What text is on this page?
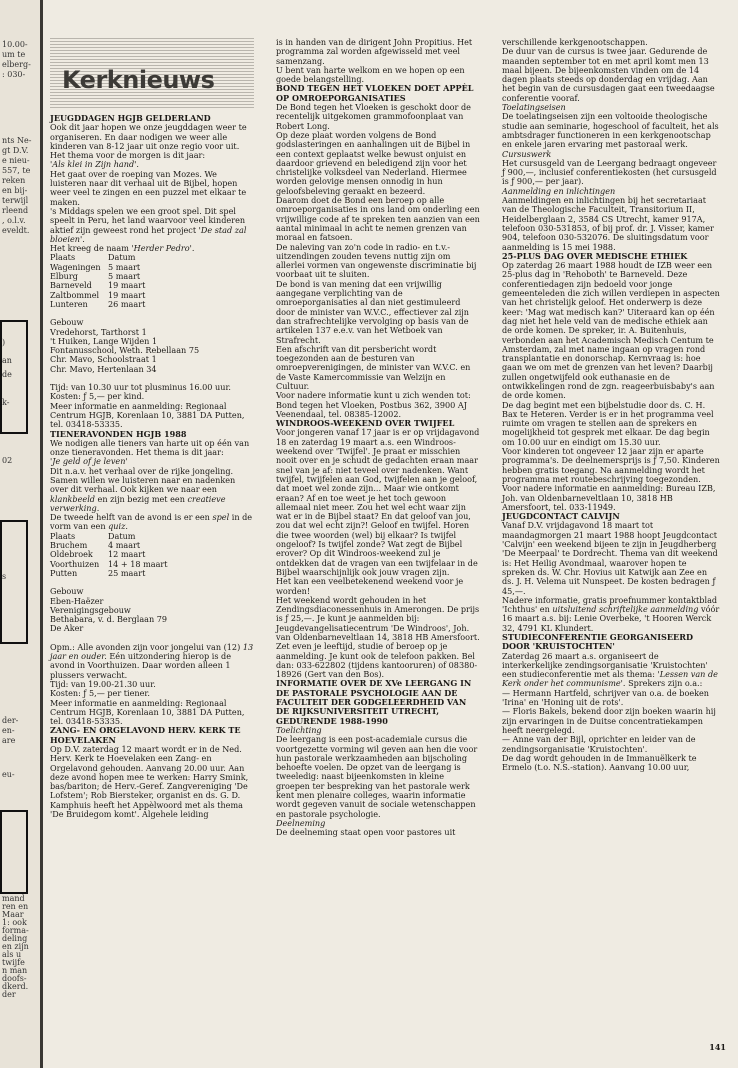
10.00-
um te
elberg-
: 030-
nts Ne-
gt D.V.
e nieu-
557, te
reken
en bij-
terwijl
rleend
, o.l.v.
eveldt.
)
an
de
k-
02
s
der-
en-
are
eu-
mand
ren en
Maar
1: ook
forma-
deling
en zijn
als u
twijfe
n man
doofs-
dkerd.
der
Kerknieuws

JEUGDDAGEN HGJB GELDERLAND

Ook dit jaar hopen we onze jeugddagen weer te organiseren. En daar nodigen we weer alle kinderen van 8-12 jaar uit onze regio voor uit. Het thema voor de morgen is dit jaar:
'Als klei in Zijn hand'.

Het gaat over de roeping van Mozes. We luisteren naar dit verhaal uit de Bijbel, hopen weer veel te zingen en een puzzel met elkaar te maken.

's Middags spelen we een groot spel. Dit spel speelt in Peru, het land waarvoor veel kinderen aktief zijn geweest rond het project 'De stad zal bloeien'.

Het kreeg de naam 'Herder Pedro'.

Plaats	Datum
Wageningen	5 maart
Elburg	5 maart
Barneveld	19 maart
Zaltbommel	19 maart
Lunteren	26 maart

Gebouw

Vredehorst, Tarthorst 1

't Huiken, Lange Wijden 1

Fontanusschool, Weth. Rebellaan 75

Chr. Mavo, Schoolstraat 1

Chr. Mavo, Hertenlaan 34

Tijd: van 10.30 uur tot plusminus 16.00 uur.

Kosten: ƒ 5,— per kind.

Meer informatie en aanmelding: Regionaal Centrum HGJB, Korenlaan 10, 3881 DA Putten, tel. 03418-53335.

TIENERAVONDEN HGJB 1988

We nodigen alle tieners van harte uit op één van onze tieneravonden. Het thema is dit jaar:
'Je geld of je leven'

Dit n.a.v. het verhaal over de rijke jongeling. Samen willen we luisteren naar en nadenken over dit verhaal. Ook kijken we naar een klankbeeld en zijn bezig met een creatieve verwerking.

De tweede helft van de avond is er een spel in de vorm van een quiz.

Plaats	Datum
Bruchem	4 maart
Oldebroek	12 maart
Voorthuizen	14 + 18 maart
Putten	25 maart

Gebouw

Eben-Haëzer

Verenigingsgebouw

Bethabara, v. d. Berglaan 79

De Aker

Opm.: Alle avonden zijn voor jongelui van (12) 13 jaar en ouder. Eén uitzondering hierop is de avond in Voorthuizen. Daar worden alleen 1 plussers verwacht.

Tijd: van 19.00-21.30 uur.

Kosten: ƒ 5,— per tiener.

Meer informatie en aanmelding: Regionaal Centrum HGJB, Korenlaan 10, 3881 DA Putten, tel. 03418-53335.

ZANG- EN ORGELAVOND HERV. KERK TE HOEVELAKEN

Op D.V. zaterdag 12 maart wordt er in de Ned. Herv. Kerk te Hoevelaken een Zang- en Orgelavond gehouden. Aanvang 20.00 uur. Aan deze avond hopen mee te werken: Harry Smink, bas/bariton; de Herv.-Geref. Zangvereniging 'De Lofstem'; Rob Biersteker, organist en ds. G. D. Kamphuis heeft het Appèlwoord met als thema 'De Bruidegom komt'. Algehele leiding

is in handen van de dirigent John Propitius. Het programma zal worden afgewisseld met veel samenzang.

U bent van harte welkom en we hopen op een goede belangstelling.

BOND TEGEN HET VLOEKEN DOET APPÈL OP OMROEPORGANISATIES

De Bond tegen het Vloeken is geschokt door de recentelijk uitgekomen grammofoonplaat van Robert Long.

Op deze plaat worden volgens de Bond godslasteringen en aanhalingen uit de Bijbel in een context geplaatst welke bewust onjuist en daardoor grievend en beledigend zijn voor het christelijke volksdeel van Nederland. Hiermee worden gelovige mensen onnodig in hun geloofsbeleving geraakt en bezeerd.

Daarom doet de Bond een beroep op alle omroeporganisaties in ons land om onderling een vrijwillige code af te spreken ten aanzien van een aantal minimaal in acht te nemen grenzen van moraal en fatsoen.

De naleving van zo'n code in radio- en t.v.-uitzendingen zouden tevens nuttig zijn om allerlei vormen van ongewenste discriminatie bij voorbaat uit te sluiten.

De bond is van mening dat een vrijwillig aangegane verplichting van de omroeporganisaties al dan niet gestimuleerd door de minister van W.V.C., effectiever zal zijn dan strafrechtelijke vervolging op basis van de artikelen 137 e.e.v. van het Wetboek van Strafrecht.

Een afschrift van dit persbericht wordt toegezonden aan de besturen van omroepverenigingen, de minister van W.V.C. en de Vaste Kamercommissie van Welzijn en Cultuur.

Voor nadere informatie kunt u zich wenden tot: Bond tegen het Vloeken, Postbus 362, 3900 AJ Veenendaal, tel. 08385-12002.

WINDROOS-WEEKEND OVER TWIJFEL

Voor jongeren vanaf 17 jaar is er op vrijdagavond 18 en zaterdag 19 maart a.s. een Windroos-weekend over 'Twijfel'. Je praat er misschien nooit over en je schudt de gedachten eraan maar snel van je af: niet teveel over nadenken. Want twijfel, twijfelen aan God, twijfelen aan je geloof, dat moet wel zonde zijn... Maar wie ontkomt eraan? Af en toe weet je het toch gewoon allemaal niet meer. Zou het wel echt waar zijn wat er in de Bijbel staat? En dat geloof van jou, zou dat wel echt zijn?! Geloof en twijfel. Horen die twee woorden (wel) bij elkaar? Is twijfel ongeloof? Is twijfel zonde? Wat zegt de Bijbel erover? Op dit Windroos-weekend zul je ontdekken dat de vragen van een twijfelaar in de Bijbel waarschijnlijk ook jouw vragen zijn.

Het kan een veelbetekenend weekend voor je worden!

Het weekend wordt gehouden in het Zendingsdiaconessenhuis in Amerongen. De prijs is ƒ 25,—. Je kunt je aanmelden bij: Jeugdevangelisatiecentrum 'De Windroos', Joh. van Oldenbarneveltlaan 14, 3818 HB Amersfoort. Zet even je leeftijd, studie of beroep op je aanmelding. Je kunt ook de telefoon pakken. Bel dan: 033-622802 (tijdens kantooruren) of 08380-18926 (Gert van den Bos).

INFORMATIE OVER DE XVe LEERGANG IN DE PASTORALE PSYCHOLOGIE AAN DE FACULTEIT DER GODGELEERDHEID VAN DE RIJKSUNIVERSITEIT UTRECHT, GEDURENDE 1988-1990

Toelichting

De leergang is een post-academiale cursus die voortgezette vorming wil geven aan hen die voor hun pastorale werkzaamheden aan bijscholing behoefte voelen. De opzet van de leergang is tweeledig: naast bijeenkomsten in kleine groepen ter bespreking van het pastorale werk kent men plenaire colleges, waarin informatie wordt gegeven vanuit de sociale wetenschappen en pastorale psychologie.

Deelneming

De deelneming staat open voor pastores uit

verschillende kerkgenootschappen.

De duur van de cursus is twee jaar. Gedurende de maanden september tot en met april komt men 13 maal bijeen. De bijeenkomsten vinden om de 14 dagen plaats steeds op donderdag en vrijdag. Aan het begin van de cursusdagen gaat een tweedaagse conferentie vooraf.

Toelatingseisen

De toelatingseisen zijn een voltooide theologische studie aan seminarie, hogeschool of faculteit, het als ambtsdrager functioneren in een kerkgenootschap en enkele jaren ervaring met pastoraal werk.

Cursuswerk

Het cursusgeld van de Leergang bedraagt ongeveer ƒ 900,—, inclusief conferentiekosten (het cursusgeld is ƒ 900,— per jaar).

Aanmelding en inlichtingen

Aanmeldingen en inlichtingen bij het secretariaat van de Theologische Faculteit, Transitorium II, Heidelberglaan 2, 3584 CS Utrecht, kamer 917A, telefoon 030-531853, of bij prof. dr. J. Visser, kamer 904, telefoon 030-532076. De sluitingsdatum voor aanmelding is 15 mei 1988.

25-PLUS DAG OVER MEDISCHE ETHIEK

Op zaterdag 26 maart 1988 houdt de IZB weer een 25-plus dag in 'Rehoboth' te Barneveld. Deze conferentiedagen zijn bedoeld voor jonge gemeenteleden die zich willen verdiepen in aspecten van het christelijk geloof. Het onderwerp is deze keer: 'Mag wat medisch kan?' Uiteraard kan op één dag niet het hele veld van de medische ethiek aan de orde komen. De spreker, ir. A. Buitenhuis, verbonden aan het Academisch Medisch Centum te Amsterdam, zal met name ingaan op vragen rond transplantatie en donorschap. Kernvraag is: hoe gaan we om met de grenzen van het leven? Daarbij zullen ongetwijfeld ook euthanasie en de ontwikkelingen rond de zgn. reageerbuisbaby's aan de orde komen.

De dag begint met een bijbelstudie door ds. C. H. Bax te Heteren. Verder is er in het programma veel ruimte om vragen te stellen aan de sprekers en mogelijkheid tot gesprek met elkaar. De dag begin om 10.00 uur en eindigt om 15.30 uur.

Voor kinderen tot ongeveer 12 jaar zijn er aparte programma's. De deelnemersprijs is ƒ 7,50. Kinderen hebben gratis toegang. Na aanmelding wordt het programma met routebeschrijving toegezonden. Voor nadere informatie en aanmelding: Bureau IZB, Joh. van Oldenbarneveltlaan 10, 3818 HB Amersfoort, tel. 033-11949.

JEUGDCONTACT CALVIJN

Vanaf D.V. vrijdagavond 18 maart tot maandagmorgen 21 maart 1988 hoopt Jeugdcontact 'Calvijn' een weekend bijeen te zijn in Jeugdherberg 'De Meerpaal' te Dordrecht. Thema van dit weekend is: Het Heilig Avondmaal, waarover hopen te spreken ds. W. Chr. Hovius uit Katwijk aan Zee en ds. J. H. Velema uit Nunspeet. De kosten bedragen ƒ 45,—.

Nadere informatie, gratis proefnummer kontaktblad 'Ichthus' en uitsluitend schriftelijke aanmelding vóór 16 maart a.s. bij: Lenie Overbeke, 't Hooren Werck 32, 4791 KL Klundert.

STUDIECONFERENTIE GEORGANISEERD DOOR 'KRUISTOCHTEN'

Zaterdag 26 maart a.s. organiseert de interkerkelijke zendingsorganisatie 'Kruistochten' een studieconferentie met als thema: 'Lessen van de Kerk onder het communisme'. Sprekers zijn o.a.:

— Hermann Hartfeld, schrijver van o.a. de boeken 'Irina' en 'Honing uit de rots'.

— Floris Bakels, bekend door zijn boeken waarin hij zijn ervaringen in de Duitse concentratiekampen heeft neergelegd.

— Anne van der Bijl, oprichter en leider van de zendingsorganisatie 'Kruistochten'.

De dag wordt gehouden in de Immanuëlkerk te Ermelo (t.o. N.S.-station). Aanvang 10.00 uur,

141
